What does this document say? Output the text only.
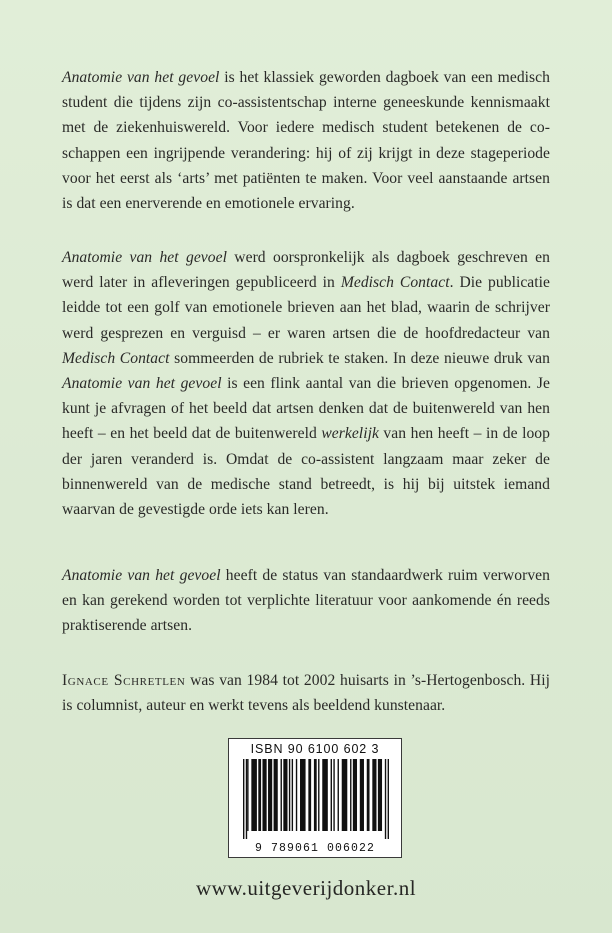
Anatomie van het gevoel is het klassiek geworden dagboek van een medisch student die tijdens zijn co-assistentschap interne geneeskunde kennismaakt met de ziekenhuiswereld. Voor iedere medisch student betekenen de co-schappen een ingrijpende verandering: hij of zij krijgt in deze stageperiode voor het eerst als ‘arts’ met patiënten te maken. Voor veel aanstaande artsen is dat een enerverende en emotionele ervaring.

Anatomie van het gevoel werd oorspronkelijk als dagboek geschreven en werd later in afleveringen gepubliceerd in Medisch Contact. Die publicatie leidde tot een golf van emotionele brieven aan het blad, waarin de schrijver werd gesprezen en verguisd – er waren artsen die de hoofdredacteur van Medisch Contact sommeerden de rubriek te staken. In deze nieuwe druk van Anatomie van het gevoel is een flink aantal van die brieven opgenomen. Je kunt je afvragen of het beeld dat artsen denken dat de buitenwereld van hen heeft – en het beeld dat de buitenwereld werkelijk van hen heeft – in de loop der jaren veranderd is. Omdat de co-assistent langzaam maar zeker de binnenwereld van de medische stand betreedt, is hij bij uitstek iemand waarvan de gevestigde orde iets kan leren.

Anatomie van het gevoel heeft de status van standaardwerk ruim verworven en kan gerekend worden tot verplichte literatuur voor aankomende én reeds praktiserende artsen.

Ignace Schretlen was van 1984 tot 2002 huisarts in ’s-Hertogenbosch. Hij is columnist, auteur en werkt tevens als beeldend kunstenaar.

ISBN 90 6100 602 3
9 789061 006022
www.uitgeverijdonker.nl
